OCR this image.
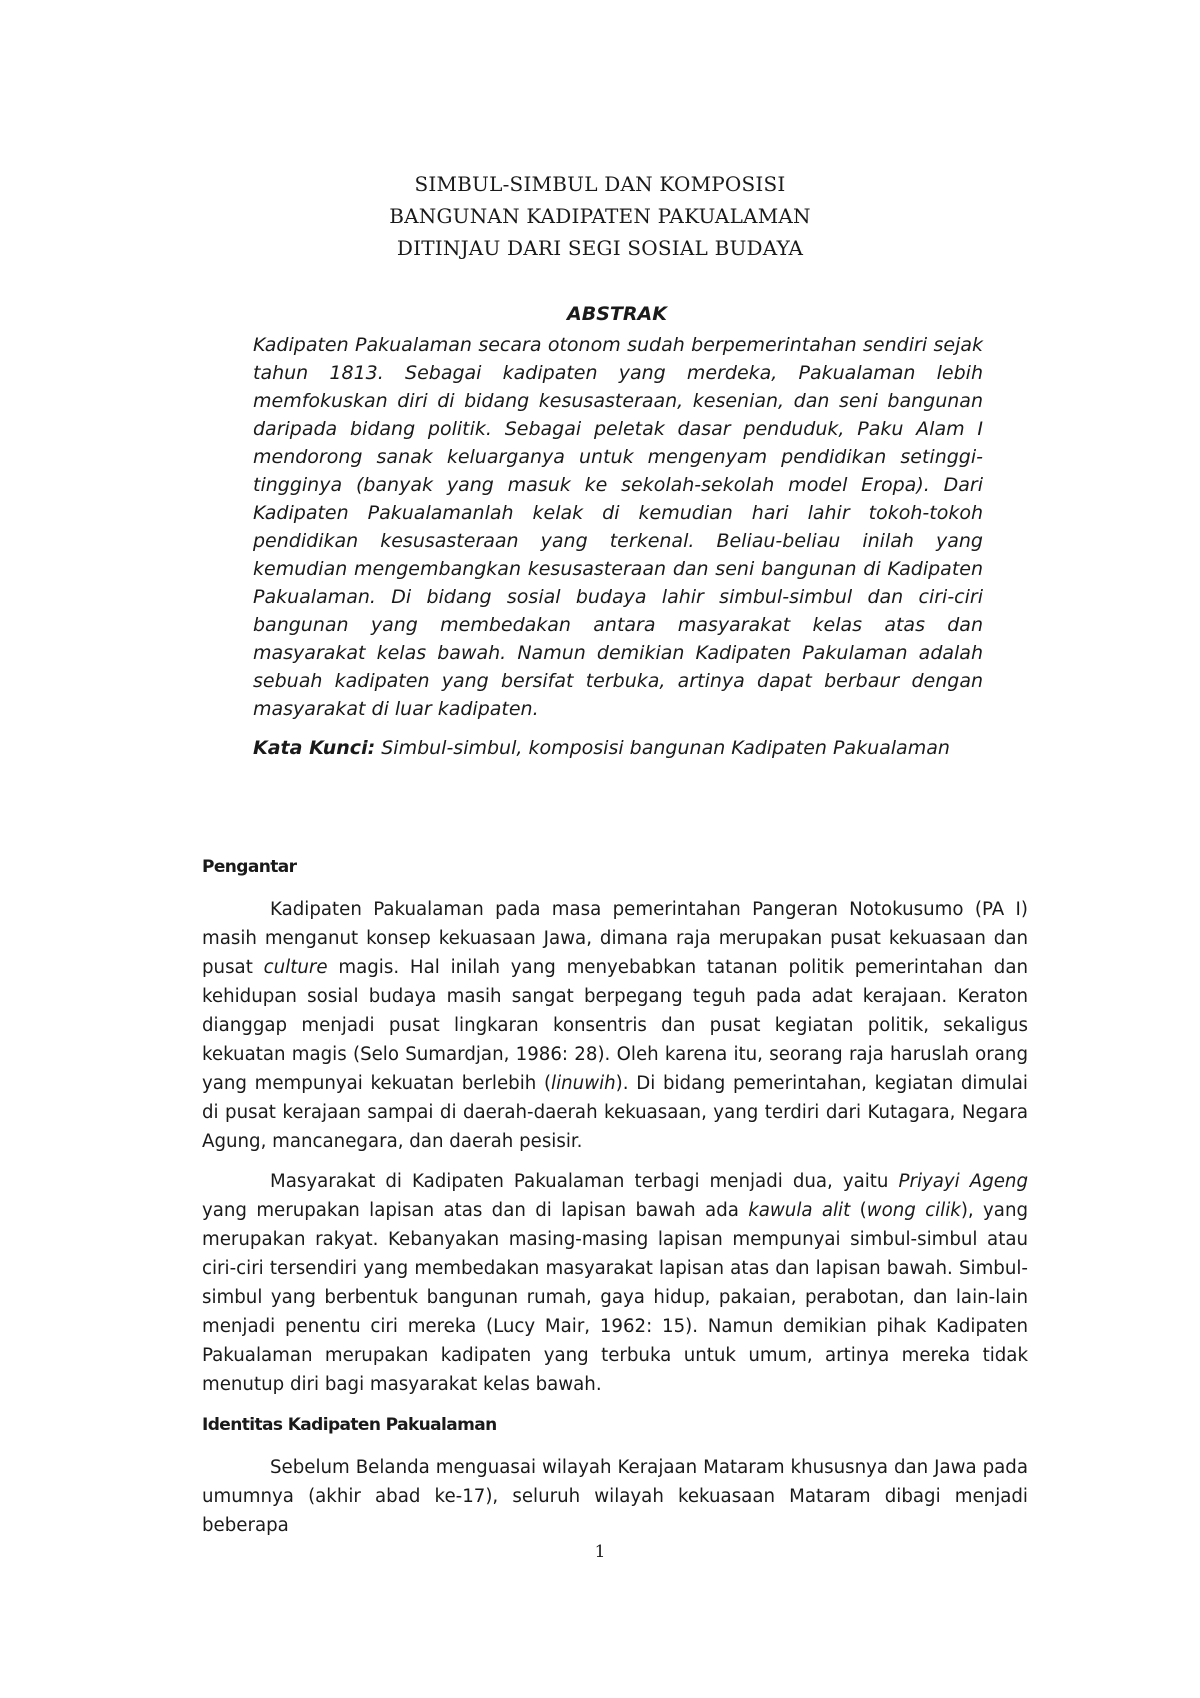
SIMBUL-SIMBUL DAN KOMPOSISI
BANGUNAN KADIPATEN PAKUALAMAN
DITINJAU DARI SEGI SOSIAL BUDAYA
ABSTRAK

Kadipaten Pakualaman secara otonom sudah berpemerintahan sendiri sejak tahun 1813. Sebagai kadipaten yang merdeka, Pakualaman lebih memfokuskan diri di bidang kesusasteraan, kesenian, dan seni bangunan daripada bidang politik. Sebagai peletak dasar penduduk, Paku Alam I mendorong sanak keluarganya untuk mengenyam pendidikan setinggi-tingginya (banyak yang masuk ke sekolah-sekolah model Eropa). Dari Kadipaten Pakualamanlah kelak di kemudian hari lahir tokoh-tokoh pendidikan kesusasteraan yang terkenal. Beliau-beliau inilah yang kemudian mengembangkan kesusasteraan dan seni bangunan di Kadipaten Pakualaman. Di bidang sosial budaya lahir simbul-simbul dan ciri-ciri bangunan yang membedakan antara masyarakat kelas atas dan masyarakat kelas bawah. Namun demikian Kadipaten Pakulaman adalah sebuah kadipaten yang bersifat terbuka, artinya dapat berbaur dengan masyarakat di luar kadipaten.

Kata Kunci: Simbul-simbul, komposisi bangunan Kadipaten Pakualaman

Pengantar

Kadipaten Pakualaman pada masa pemerintahan Pangeran Notokusumo (PA I) masih menganut konsep kekuasaan Jawa, dimana raja merupakan pusat kekuasaan dan pusat culture magis. Hal inilah yang menyebabkan tatanan politik pemerintahan dan kehidupan sosial budaya masih sangat berpegang teguh pada adat kerajaan. Keraton dianggap menjadi pusat lingkaran konsentris dan pusat kegiatan politik, sekaligus kekuatan magis (Selo Sumardjan, 1986: 28). Oleh karena itu, seorang raja haruslah orang yang mempunyai kekuatan berlebih (linuwih). Di bidang pemerintahan, kegiatan dimulai di pusat kerajaan sampai di daerah-daerah kekuasaan, yang terdiri dari Kutagara, Negara Agung, mancanegara, dan daerah pesisir.

Masyarakat di Kadipaten Pakualaman terbagi menjadi dua, yaitu Priyayi Ageng yang merupakan lapisan atas dan di lapisan bawah ada kawula alit (wong cilik), yang merupakan rakyat. Kebanyakan masing-masing lapisan mempunyai simbul-simbul atau ciri-ciri tersendiri yang membedakan masyarakat lapisan atas dan lapisan bawah. Simbul-simbul yang berbentuk bangunan rumah, gaya hidup, pakaian, perabotan, dan lain-lain menjadi penentu ciri mereka (Lucy Mair, 1962: 15). Namun demikian pihak Kadipaten Pakualaman merupakan kadipaten yang terbuka untuk umum, artinya mereka tidak menutup diri bagi masyarakat kelas bawah.

Identitas Kadipaten Pakualaman

Sebelum Belanda menguasai wilayah Kerajaan Mataram khususnya dan Jawa pada umumnya (akhir abad ke-17), seluruh wilayah kekuasaan Mataram dibagi menjadi beberapa

1
